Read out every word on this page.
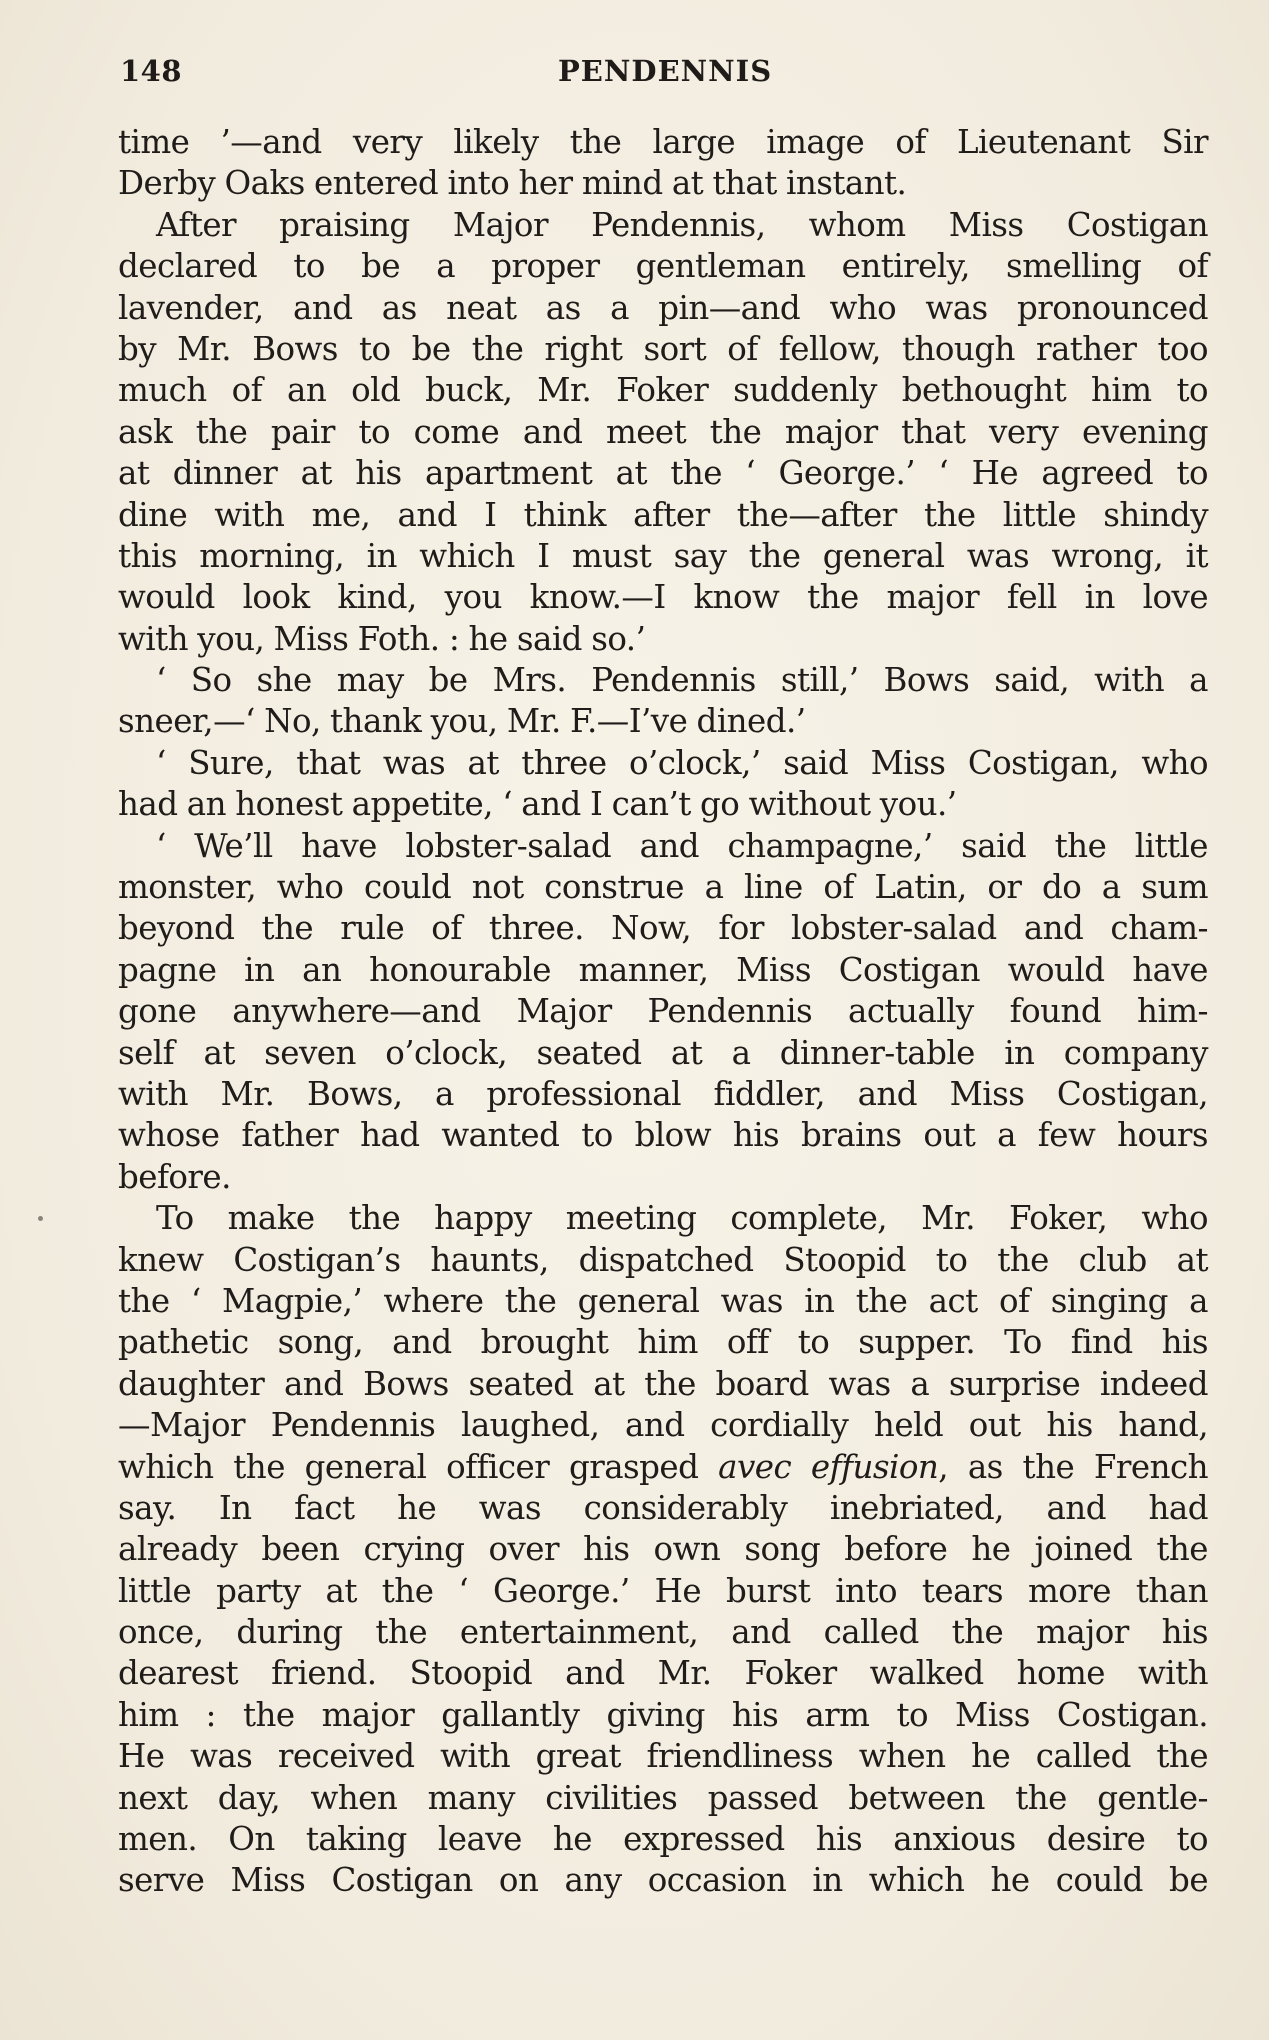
148	PENDENNIS
time ’—and very likely the large image of Lieutenant Sir
Derby Oaks entered into her mind at that instant.
After praising Major Pendennis, whom Miss Costigan
declared to be a proper gentleman entirely, smelling of
lavender, and as neat as a pin—and who was pronounced
by Mr. Bows to be the right sort of fellow, though rather too
much of an old buck, Mr. Foker suddenly bethought him to
ask the pair to come and meet the major that very evening
at dinner at his apartment at the ‘ George.’ ‘ He agreed to
dine with me, and I think after the—after the little shindy
this morning, in which I must say the general was wrong, it
would look kind, you know.—I know the major fell in love
with you, Miss Foth. : he said so.’
‘ So she may be Mrs. Pendennis still,’ Bows said, with a
sneer,—‘ No, thank you, Mr. F.—I’ve dined.’
‘ Sure, that was at three o’clock,’ said Miss Costigan, who
had an honest appetite, ‘ and I can’t go without you.’
‘ We’ll have lobster-salad and champagne,’ said the little
monster, who could not construe a line of Latin, or do a sum
beyond the rule of three. Now, for lobster-salad and cham-
pagne in an honourable manner, Miss Costigan would have
gone anywhere—and Major Pendennis actually found him-
self at seven o’clock, seated at a dinner-table in company
with Mr. Bows, a professional fiddler, and Miss Costigan,
whose father had wanted to blow his brains out a few hours
before.
To make the happy meeting complete, Mr. Foker, who
knew Costigan’s haunts, dispatched Stoopid to the club at
the ‘ Magpie,’ where the general was in the act of singing a
pathetic song, and brought him off to supper. To find his
daughter and Bows seated at the board was a surprise indeed
—Major Pendennis laughed, and cordially held out his hand,
which the general officer grasped avec effusion, as the French
say. In fact he was considerably inebriated, and had
already been crying over his own song before he joined the
little party at the ‘ George.’ He burst into tears more than
once, during the entertainment, and called the major his
dearest friend. Stoopid and Mr. Foker walked home with
him : the major gallantly giving his arm to Miss Costigan.
He was received with great friendliness when he called the
next day, when many civilities passed between the gentle-
men. On taking leave he expressed his anxious desire to
serve Miss Costigan on any occasion in which he could be
